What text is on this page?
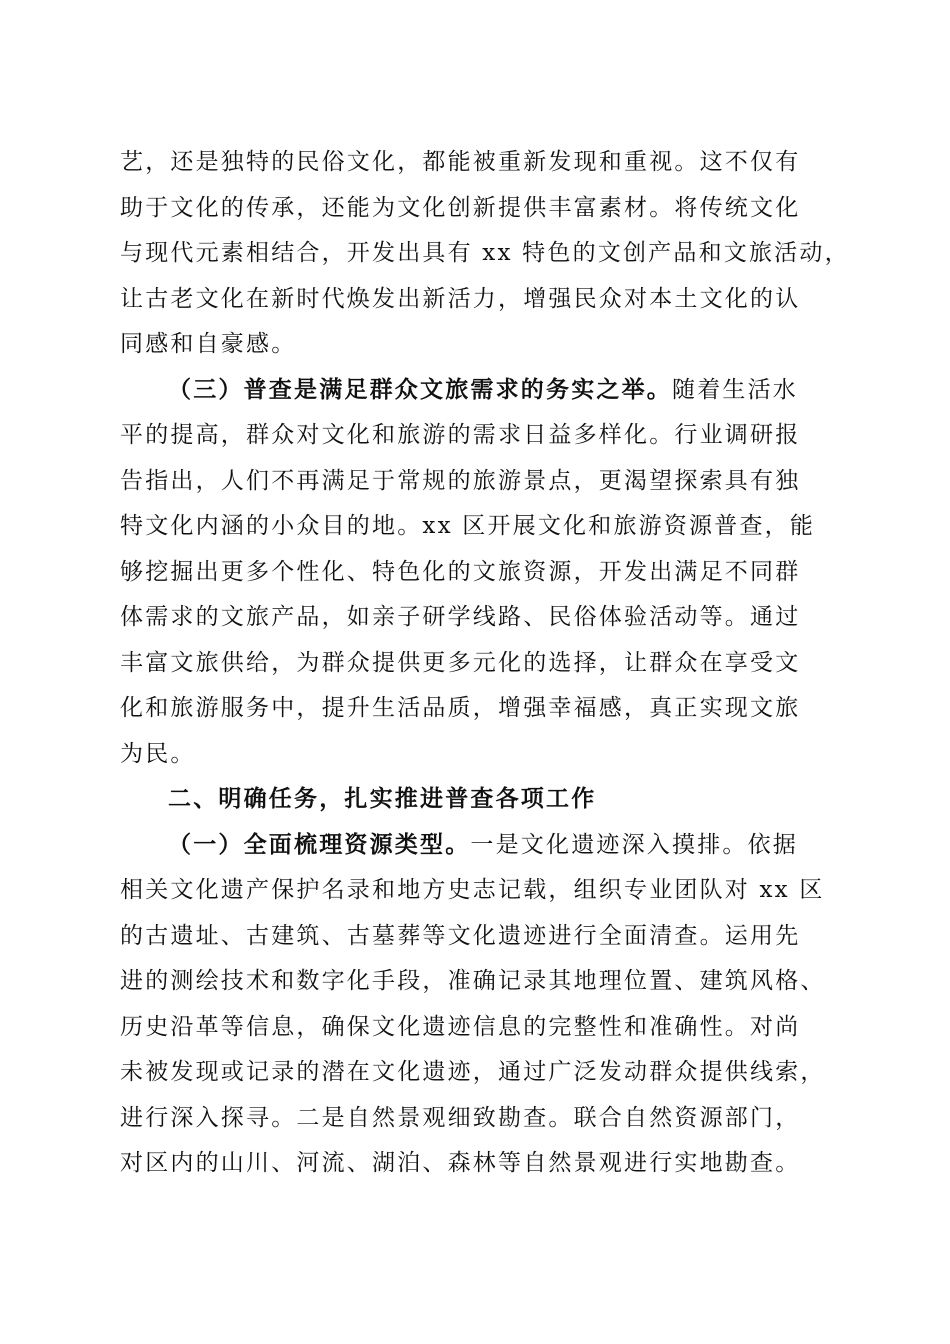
艺，还是独特的民俗文化，都能被重新发现和重视。这不仅有
助于文化的传承，还能为文化创新提供丰富素材。将传统文化
与现代元素相结合，开发出具有 xx 特色的文创产品和文旅活动，
让古老文化在新时代焕发出新活力，增强民众对本土文化的认
同感和自豪感。
（三）普查是满足群众文旅需求的务实之举。随着生活水
平的提高，群众对文化和旅游的需求日益多样化。行业调研报
告指出，人们不再满足于常规的旅游景点，更渴望探索具有独
特文化内涵的小众目的地。xx 区开展文化和旅游资源普查，能
够挖掘出更多个性化、特色化的文旅资源，开发出满足不同群
体需求的文旅产品，如亲子研学线路、民俗体验活动等。通过
丰富文旅供给，为群众提供更多元化的选择，让群众在享受文
化和旅游服务中，提升生活品质，增强幸福感，真正实现文旅
为民。
二、明确任务，扎实推进普查各项工作
（一）全面梳理资源类型。一是文化遗迹深入摸排。依据
相关文化遗产保护名录和地方史志记载，组织专业团队对 xx 区
的古遗址、古建筑、古墓葬等文化遗迹进行全面清查。运用先
进的测绘技术和数字化手段，准确记录其地理位置、建筑风格、
历史沿革等信息，确保文化遗迹信息的完整性和准确性。对尚
未被发现或记录的潜在文化遗迹，通过广泛发动群众提供线索，
进行深入探寻。二是自然景观细致勘查。联合自然资源部门，
对区内的山川、河流、湖泊、森林等自然景观进行实地勘查。
